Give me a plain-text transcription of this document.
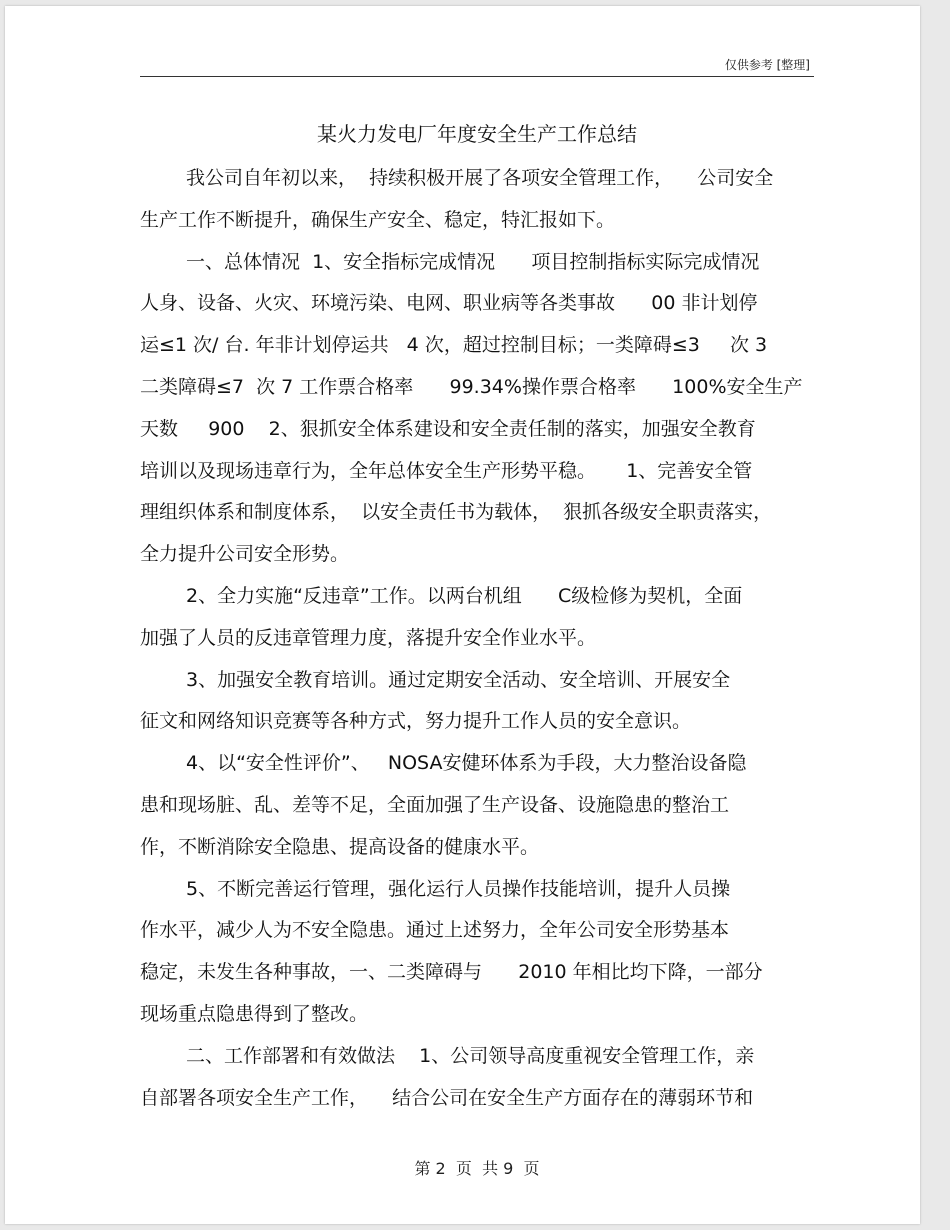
仅供参考 [整理]
某火力发电厂年度安全生产工作总结
我公司自年初以来，  持续积极开展了各项安全管理工作，    公司安全
生产工作不断提升，确保生产安全、稳定，特汇报如下。
一、总体情况  1、安全指标完成情况      项目控制指标实际完成情况
人身、设备、火灾、环境污染、电网、职业病等各类事故      00 非计划停
运≤1 次/ 台. 年非计划停运共   4 次，超过控制目标；一类障碍≤3     次 3
二类障碍≤7  次 7 工作票合格率      99.34%操作票合格率      100%安全生产
天数     900    2、狠抓安全体系建设和安全责任制的落实，加强安全教育
培训以及现场违章行为，全年总体安全生产形势平稳。     1、完善安全管
理组织体系和制度体系，  以安全责任书为载体，  狠抓各级安全职责落实，
全力提升公司安全形势。
2、全力实施“反违章”工作。以两台机组      C级检修为契机，全面
加强了人员的反违章管理力度，落提升安全作业水平。
3、加强安全教育培训。通过定期安全活动、安全培训、开展安全
征文和网络知识竞赛等各种方式，努力提升工作人员的安全意识。
4、以“安全性评价”、   NOSA安健环体系为手段，大力整治设备隐
患和现场脏、乱、差等不足，全面加强了生产设备、设施隐患的整治工
作，不断消除安全隐患、提高设备的健康水平。
5、不断完善运行管理，强化运行人员操作技能培训，提升人员操
作水平，减少人为不安全隐患。通过上述努力，全年公司安全形势基本
稳定，未发生各种事故，一、二类障碍与      2010 年相比均下降，一部分
现场重点隐患得到了整改。
二、工作部署和有效做法    1、公司领导高度重视安全管理工作，亲
自部署各项安全生产工作，    结合公司在安全生产方面存在的薄弱环节和
第 2  页  共 9  页
